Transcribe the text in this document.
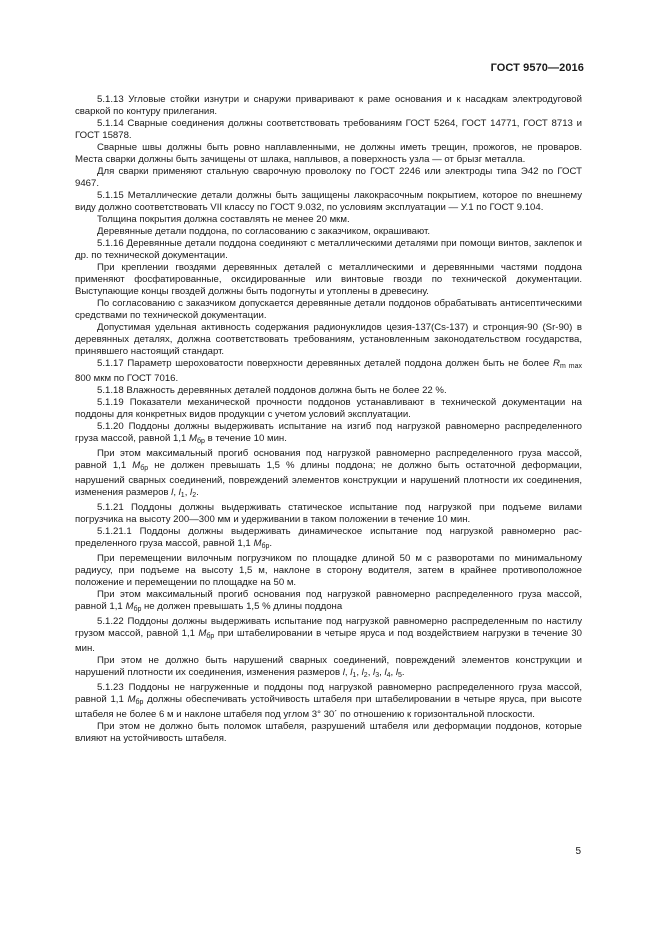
ГОСТ 9570—2016

5.1.13 Угловые стойки изнутри и снаружи приваривают к раме основания и к насадкам электродуговой сваркой по контуру прилегания.

5.1.14 Сварные соединения должны соответствовать требованиям ГОСТ 5264, ГОСТ 14771, ГОСТ 8713 и ГОСТ 15878.

Сварные швы должны быть ровно наплавленными, не должны иметь трещин, прожогов, не проваров. Места сварки должны быть зачищены от шлака, наплывов, а поверхность узла — от брызг металла.

Для сварки применяют стальную сварочную проволоку по ГОСТ 2246 или электроды типа Э42 по ГОСТ 9467.

5.1.15 Металлические детали должны быть защищены лакокрасочным покрытием, которое по внешнему виду должно соответствовать VII классу по ГОСТ 9.032, по условиям эксплуатации — У.1 по ГОСТ 9.104.

Толщина покрытия должна составлять не менее 20 мкм.

Деревянные детали поддона, по согласованию с заказчиком, окрашивают.

5.1.16 Деревянные детали поддона соединяют с металлическими деталями при помощи винтов, заклепок и др. по технической документации.

При креплении гвоздями деревянных деталей с металлическими и деревянными частями поддона применяют фосфатированные, оксидированные или винтовые гвозди по технической документации. Выступающие концы гвоздей должны быть подогнуты и утоплены в древесину.

По согласованию с заказчиком допускается деревянные детали поддонов обрабатывать антисептическими средствами по технической документации.

Допустимая удельная активность содержания радионуклидов цезия-137(Cs-137) и стронция-90 (Sr-90) в деревянных деталях, должна соответствовать требованиям, установленным законодательством государства, принявшего настоящий стандарт.

5.1.17 Параметр шероховатости поверхности деревянных деталей поддона должен быть не более $R_{m max}$ 800 мкм по ГОСТ 7016.

5.1.18 Влажность деревянных деталей поддонов должна быть не более 22 %.

5.1.19 Показатели механической прочности поддонов устанавливают в технической документации на поддоны для конкретных видов продукции с учетом условий эксплуатации.

5.1.20 Поддоны должны выдерживать испытание на изгиб под нагрузкой равномерно распределенного груза массой, равной 1,1 $M_{бр}$ в течение 10 мин.

При этом максимальный прогиб основания под нагрузкой равномерно распределенного груза массой, равной 1,1 $M_{бр}$ не должен превышать 1,5 % длины поддона; не должно быть остаточной деформации, нарушений сварных соединений, повреждений элементов конструкции и нарушений плотности их соединения, изменения размеров l, $l_1$, $l_2$.

5.1.21 Поддоны должны выдерживать статическое испытание под нагрузкой при подъеме вилами погрузчика на высоту 200—300 мм и удерживании в таком положении в течение 10 мин.

5.1.21.1 Поддоны должны выдерживать динамическое испытание под нагрузкой равномерно распределенного груза массой, равной 1,1 $M_{бр}$.

При перемещении вилочным погрузчиком по площадке длиной 50 м с разворотами по минимальному радиусу, при подъеме на высоту 1,5 м, наклоне в сторону водителя, затем в крайнее противоположное положение и перемещении по площадке на 50 м.

При этом максимальный прогиб основания под нагрузкой равномерно распределенного груза массой, равной 1,1 $M_{бр}$ не должен превышать 1,5 % длины поддона

5.1.22 Поддоны должны выдерживать испытание под нагрузкой равномерно распределенным по настилу грузом массой, равной 1,1 $M_{бр}$ при штабелировании в четыре яруса и под воздействием нагрузки в течение 30 мин.

При этом не должно быть нарушений сварных соединений, повреждений элементов конструкции и нарушений плотности их соединения, изменения размеров l, $l_1$, $l_2$, $l_3$, $l_4$, $l_5$.

5.1.23 Поддоны не нагруженные и поддоны под нагрузкой равномерно распределенного груза массой, равной 1,1 $M_{бр}$ должны обеспечивать устойчивость штабеля при штабелировании в четыре яруса, при высоте штабеля не более 6 м и наклоне штабеля под углом 3° 30´ по отношению к горизонтальной плоскости.

При этом не должно быть поломок штабеля, разрушений штабеля или деформации поддонов, которые влияют на устойчивость штабеля.

5
